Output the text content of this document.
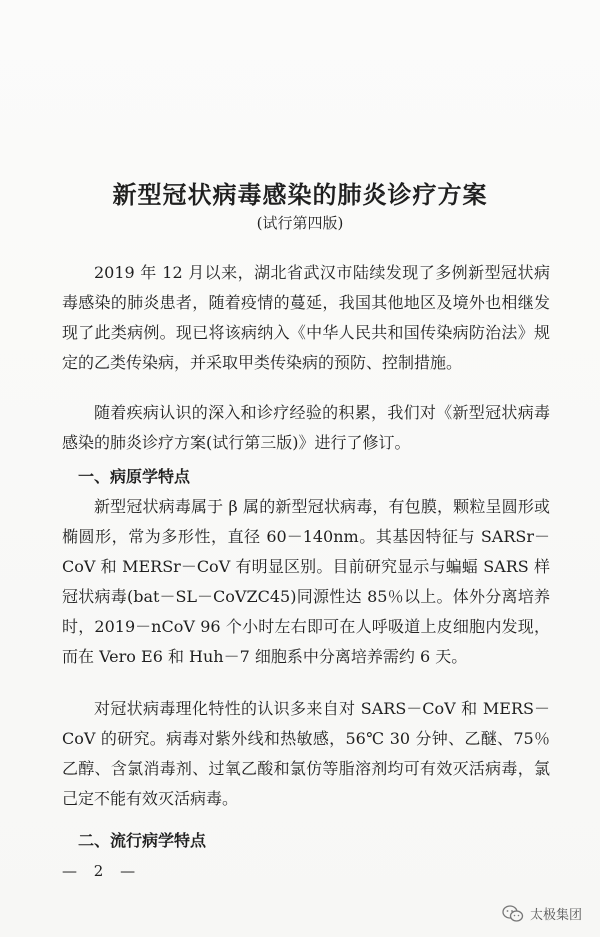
新型冠状病毒感染的肺炎诊疗方案

(试行第四版)

2019 年 12 月以来，湖北省武汉市陆续发现了多例新型冠状病毒感染的肺炎患者，随着疫情的蔓延，我国其他地区及境外也相继发现了此类病例。现已将该病纳入《中华人民共和国传染病防治法》规定的乙类传染病，并采取甲类传染病的预防、控制措施。

随着疾病认识的深入和诊疗经验的积累，我们对《新型冠状病毒感染的肺炎诊疗方案(试行第三版)》进行了修订。

一、病原学特点

新型冠状病毒属于 β 属的新型冠状病毒，有包膜，颗粒呈圆形或椭圆形，常为多形性，直径 60－140nm。其基因特征与 SARSr－CoV 和 MERSr－CoV 有明显区别。目前研究显示与蝙蝠 SARS 样冠状病毒(bat－SL－CoVZC45)同源性达 85％以上。体外分离培养时，2019－nCoV 96 个小时左右即可在人呼吸道上皮细胞内发现，而在 Vero E6 和 Huh－7 细胞系中分离培养需约 6 天。

对冠状病毒理化特性的认识多来自对 SARS－CoV 和 MERS－CoV 的研究。病毒对紫外线和热敏感，56℃ 30 分钟、乙醚、75％乙醇、含氯消毒剂、过氧乙酸和氯仿等脂溶剂均可有效灭活病毒，氯己定不能有效灭活病毒。

二、流行病学特点

— 2 —

太极集团
